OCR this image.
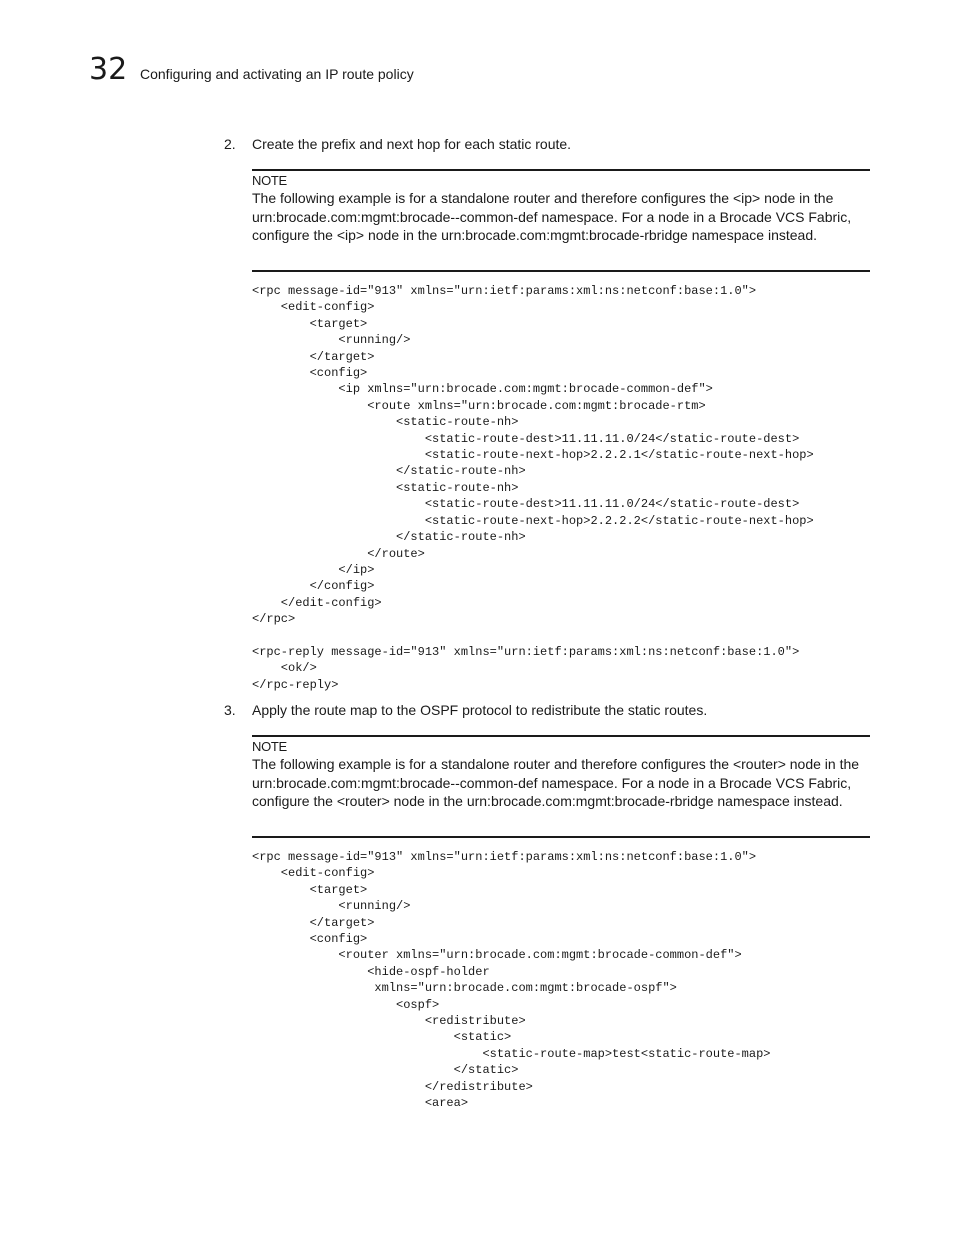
32 Configuring and activating an IP route policy
2. Create the prefix and next hop for each static route.
NOTE
The following example is for a standalone router and therefore configures the <ip> node in the urn:brocade.com:mgmt:brocade--common-def namespace. For a node in a Brocade VCS Fabric, configure the <ip> node in the urn:brocade.com:mgmt:brocade-rbridge namespace instead.
<rpc message-id="913" xmlns="urn:ietf:params:xml:ns:netconf:base:1.0">
<edit-config>
<target>
<running/>
</target>
<config>
<ip xmlns="urn:brocade.com:mgmt:brocade-common-def">
<route xmlns="urn:brocade.com:mgmt:brocade-rtm>
<static-route-nh>
<static-route-dest>11.11.11.0/24</static-route-dest>
<static-route-next-hop>2.2.2.1</static-route-next-hop>
</static-route-nh>
<static-route-nh>
<static-route-dest>11.11.11.0/24</static-route-dest>
<static-route-next-hop>2.2.2.2</static-route-next-hop>
</static-route-nh>
</route>
</ip>
</config>
</edit-config>
</rpc>

<rpc-reply message-id="913" xmlns="urn:ietf:params:xml:ns:netconf:base:1.0">
<ok/>
</rpc-reply>
3. Apply the route map to the OSPF protocol to redistribute the static routes.
NOTE
The following example is for a standalone router and therefore configures the <router> node in the urn:brocade.com:mgmt:brocade--common-def namespace. For a node in a Brocade VCS Fabric, configure the <router> node in the urn:brocade.com:mgmt:brocade-rbridge namespace instead.
<rpc message-id="913" xmlns="urn:ietf:params:xml:ns:netconf:base:1.0">
<edit-config>
<target>
<running/>
</target>
<config>
<router xmlns="urn:brocade.com:mgmt:brocade-common-def">
<hide-ospf-holder
xmlns="urn:brocade.com:mgmt:brocade-ospf">
<ospf>
<redistribute>
<static>
<static-route-map>test<static-route-map>
</static>
</redistribute>
<area>
